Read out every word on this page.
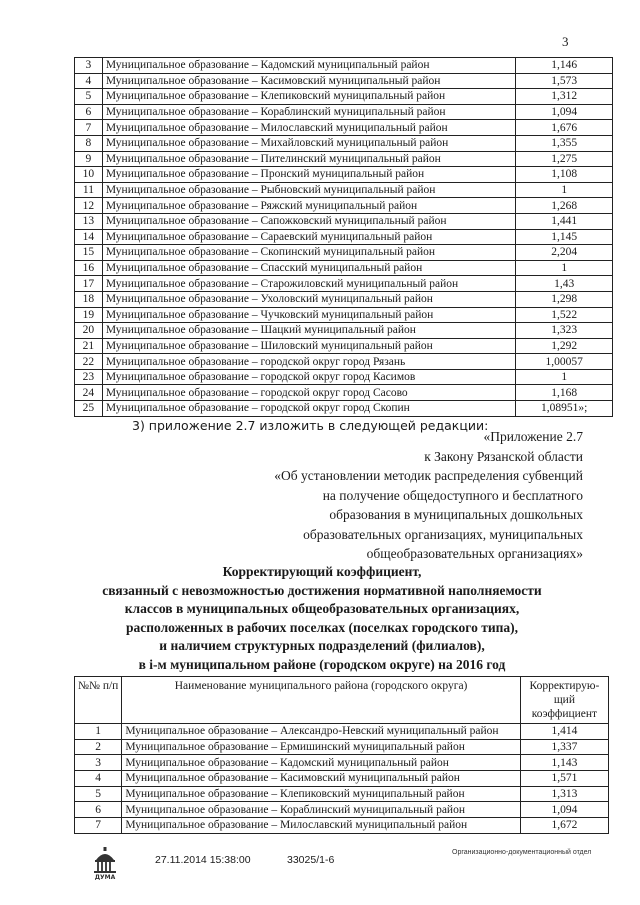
3
3	Муниципальное образование – Кадомский муниципальный район	1,146
4	Муниципальное образование – Касимовский муниципальный район	1,573
5	Муниципальное образование – Клепиковский муниципальный район	1,312
6	Муниципальное образование – Кораблинский муниципальный район	1,094
7	Муниципальное образование – Милославский муниципальный район	1,676
8	Муниципальное образование – Михайловский муниципальный район	1,355
9	Муниципальное образование – Пителинский муниципальный район	1,275
10	Муниципальное образование – Пронский муниципальный район	1,108
11	Муниципальное образование – Рыбновский муниципальный район	1
12	Муниципальное образование – Ряжский муниципальный район	1,268
13	Муниципальное образование – Сапожковский муниципальный район	1,441
14	Муниципальное образование – Сараевский муниципальный район	1,145
15	Муниципальное образование – Скопинский муниципальный район	2,204
16	Муниципальное образование – Спасский муниципальный район	1
17	Муниципальное образование – Старожиловский муниципальный район	1,43
18	Муниципальное образование – Ухоловский муниципальный район	1,298
19	Муниципальное образование – Чучковский муниципальный район	1,522
20	Муниципальное образование – Шацкий муниципальный район	1,323
21	Муниципальное образование – Шиловский муниципальный район	1,292
22	Муниципальное образование – городской округ город Рязань	1,00057
23	Муниципальное образование – городской округ город Касимов	1
24	Муниципальное образование – городской округ город Сасово	1,168
25	Муниципальное образование – городской округ город Скопин	1,08951»;
3) приложение 2.7 изложить в следующей редакции:

«Приложение 2.7

к Закону Рязанской области

«Об установлении методик распределения субвенций

на получение общедоступного и бесплатного

образования в муниципальных дошкольных

образовательных организациях, муниципальных

общеобразовательных организациях»

Корректирующий коэффициент,

связанный с невозможностью достижения нормативной наполняемости

классов в муниципальных общеобразовательных организациях,

расположенных в рабочих поселках (поселках городского типа),

и наличием структурных подразделений (филиалов),

в i-м муниципальном районе (городском округе) на 2016 год

№№ п/п	Наименование муниципального района (городского округа)	Корректирую-щий коэффициент
1	Муниципальное образование – Александро-Невский муниципальный район	1,414
2	Муниципальное образование – Ермишинский муниципальный район	1,337
3	Муниципальное образование – Кадомский муниципальный район	1,143
4	Муниципальное образование – Касимовский муниципальный район	1,571
5	Муниципальное образование – Клепиковский муниципальный район	1,313
6	Муниципальное образование – Кораблинский муниципальный район	1,094
7	Муниципальное образование – Милославский муниципальный район	1,672
ДУМА
27.11.2014 15:38:00	33025/1-6
Организационно-документационный отдел
